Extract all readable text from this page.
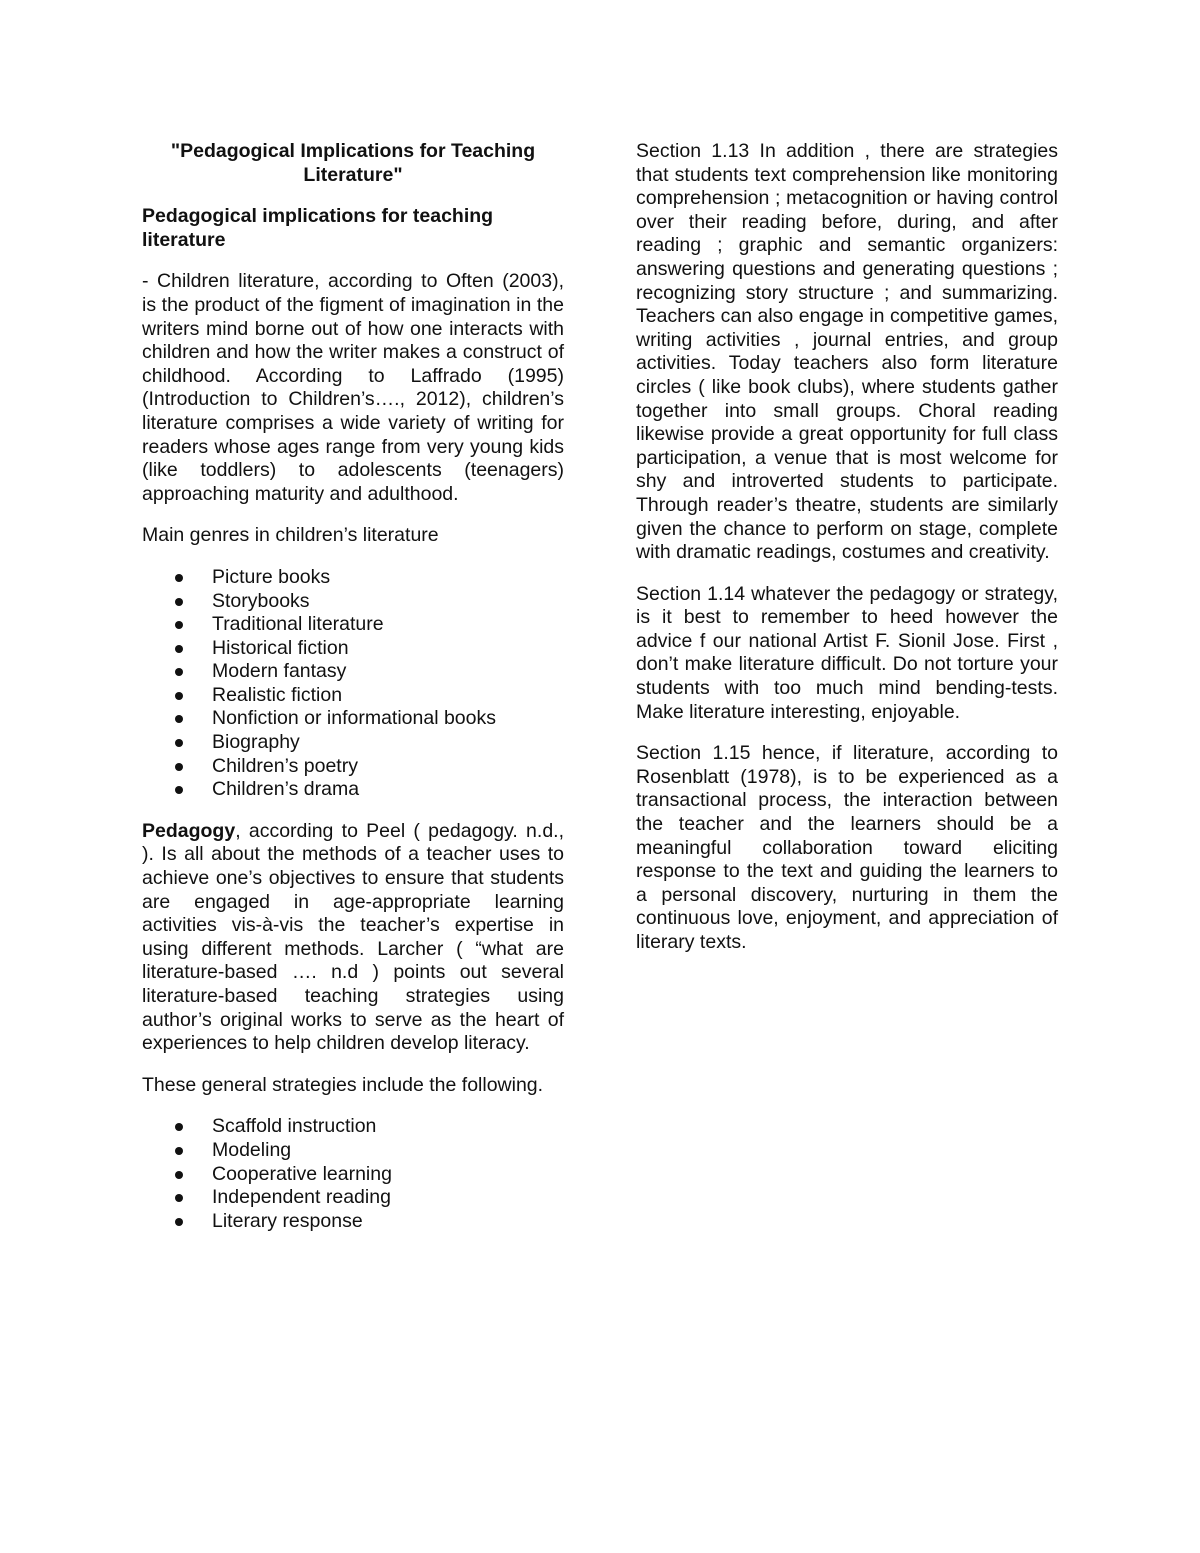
"Pedagogical Implications for Teaching Literature"
Pedagogical implications for teaching literature

- Children literature, according to Often (2003), is the product of the figment of imagination in the writers mind borne out of how one interacts with children and how the writer makes a construct of childhood. According to Laffrado (1995) (Introduction to Children’s…., 2012), children’s literature comprises a wide variety of writing for readers whose ages range from very young kids (like toddlers) to adolescents (teenagers) approaching maturity and adulthood.

Main genres in children’s literature

Picture books
Storybooks
Traditional literature
Historical fiction
Modern fantasy
Realistic fiction
Nonfiction or informational books
Biography
Children’s poetry
Children’s drama

Pedagogy, according to Peel ( pedagogy. n.d., ). Is all about the methods of a teacher uses to achieve one’s objectives to ensure that students are engaged in age-appropriate learning activities vis-à-vis the teacher’s expertise in using different methods. Larcher ( “what are literature-based …. n.d ) points out several literature-based teaching strategies using author’s original works to serve as the heart of experiences to help children develop literacy.

These general strategies include the following.

Scaffold instruction
Modeling
Cooperative learning
Independent reading
Literary response

Section 1.13 In addition , there are strategies that students text comprehension like monitoring comprehension ; metacognition or having control over their reading before, during, and after reading ; graphic and semantic organizers: answering questions and generating questions ; recognizing story structure ; and summarizing. Teachers can also engage in competitive games, writing activities , journal entries, and group activities. Today teachers also form literature circles ( like book clubs), where students gather together into small groups. Choral reading likewise provide a great opportunity for full class participation, a venue that is most welcome for shy and introverted students to participate. Through reader’s theatre, students are similarly given the chance to perform on stage, complete with dramatic readings, costumes and creativity.

Section 1.14 whatever the pedagogy or strategy, is it best to remember to heed however the advice f our national Artist F. Sionil Jose. First , don’t make literature difficult. Do not torture your students with too much mind bending-tests. Make literature interesting, enjoyable.

Section 1.15 hence, if literature, according to Rosenblatt (1978), is to be experienced as a transactional process, the interaction between the teacher and the learners should be a meaningful collaboration toward eliciting response to the text and guiding the learners to a personal discovery, nurturing in them the continuous love, enjoyment, and appreciation of literary texts.
